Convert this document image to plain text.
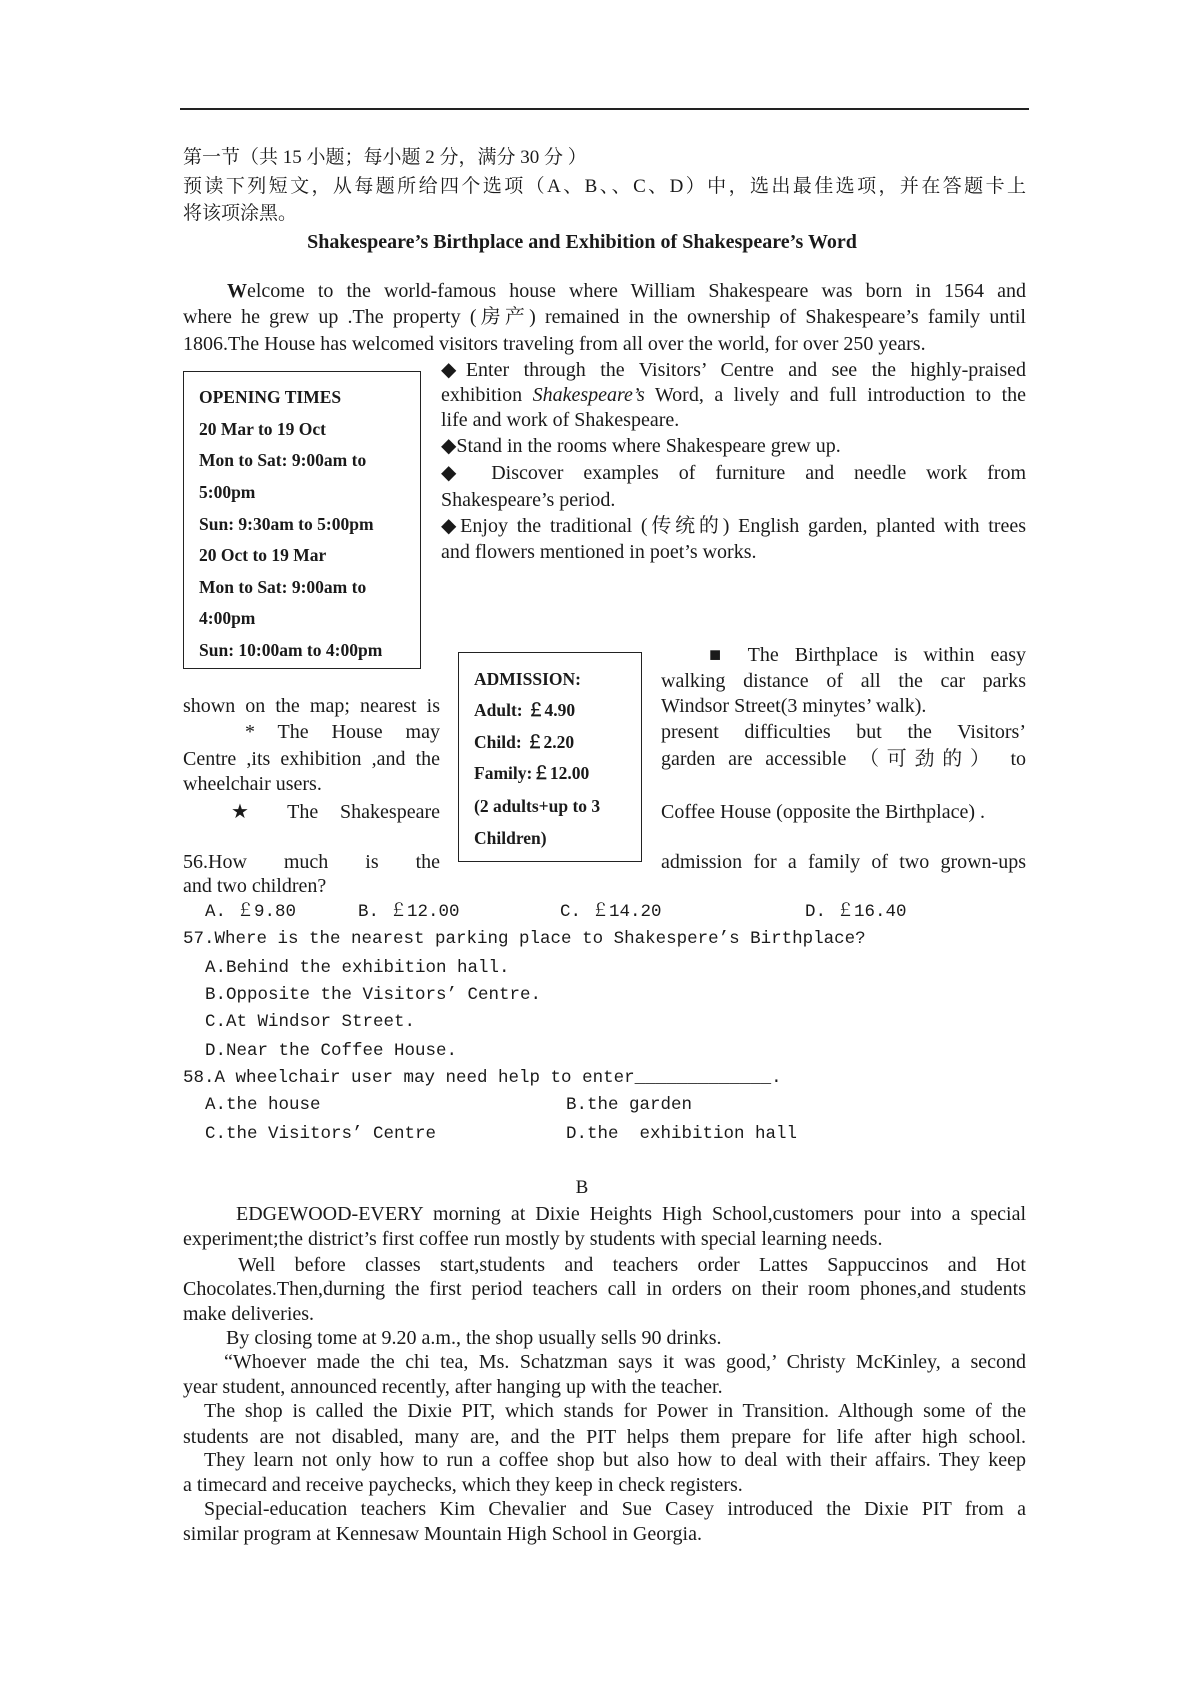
第一节（共 15 小题；每小题 2 分，满分 30 分 ）
预读下列短文，从每题所给四个选项（A、B、、C、D）中，选出最佳选项，并在答题卡上
将该项涂黑。
Shakespeare’s Birthplace and Exhibition of Shakespeare’s Word
Welcome to the world-famous house where William Shakespeare was born in 1564 and
where he grew up .The property (房产) remained in the ownership of Shakespeare’s family until
1806.The House has welcomed visitors traveling from all over the world, for over 250 years.
OPENING TIMES
20 Mar to 19 Oct
Mon to Sat: 9:00am to
5:00pm
Sun: 9:30am to 5:00pm
20 Oct to 19 Mar
Mon to Sat: 9:00am to
4:00pm
Sun: 10:00am to 4:00pm
◆Enter through the Visitors’ Centre and see the highly-praised
exhibition Shakespeare’s Word, a lively and full introduction to the
life and work of Shakespeare.
◆Stand in the rooms where Shakespeare grew up.
◆ Discover examples of furniture and needle work from
Shakespeare’s period.
◆Enjoy the traditional (传统的) English garden, planted with trees
and flowers mentioned in poet’s works.
ADMISSION:
Adult: ￡4.90
Child: ￡2.20
Family:￡12.00
(2 adults+up to 3
Children)
■ The Birthplace is within easy
walking distance of all the car parks
Windsor Street(3 minytes’ walk).
present difficulties but the Visitors’
garden are accessible （可劲的） to
Coffee House (opposite the Birthplace) .
admission for a family of two grown-ups
shown on the map; nearest is
* The House may
Centre ,its exhibition ,and the
wheelchair users.
★ The Shakespeare
56.How much is the
and two children?
A. ￡9.80	B. ￡12.00	C. ￡14.20	D. ￡16.40
57.Where is the nearest parking place to Shakespere’s Birthplace?
A.Behind the exhibition hall.
B.Opposite the Visitors’ Centre.
C.At Windsor Street.
D.Near the Coffee House.
58.A wheelchair user may need help to enter_____________.
A.the house	B.the garden
C.the Visitors’ Centre	D.the  exhibition hall
B
EDGEWOOD-EVERY morning at Dixie Heights High School,customers pour into a special
experiment;the district’s first coffee run mostly by students with special learning needs.
Well before classes start,students and teachers order Lattes Sappuccinos and Hot
Chocolates.Then,durning the first period teachers call in orders on their room phones,and students
make deliveries.
By closing tome at 9.20 a.m., the shop usually sells 90 drinks.
“Whoever made the chi tea, Ms. Schatzman says it was good,’ Christy McKinley, a second
year student, announced recently, after hanging up with the teacher.
The shop is called the Dixie PIT, which stands for Power in Transition. Although some of the
students are not disabled, many are, and the PIT helps them prepare for life after high school.
They learn not only how to run a coffee shop but also how to deal with their affairs. They keep
a timecard and receive paychecks, which they keep in check registers.
Special-education teachers Kim Chevalier and Sue Casey introduced the Dixie PIT from a
similar program at Kennesaw Mountain High School in Georgia.
